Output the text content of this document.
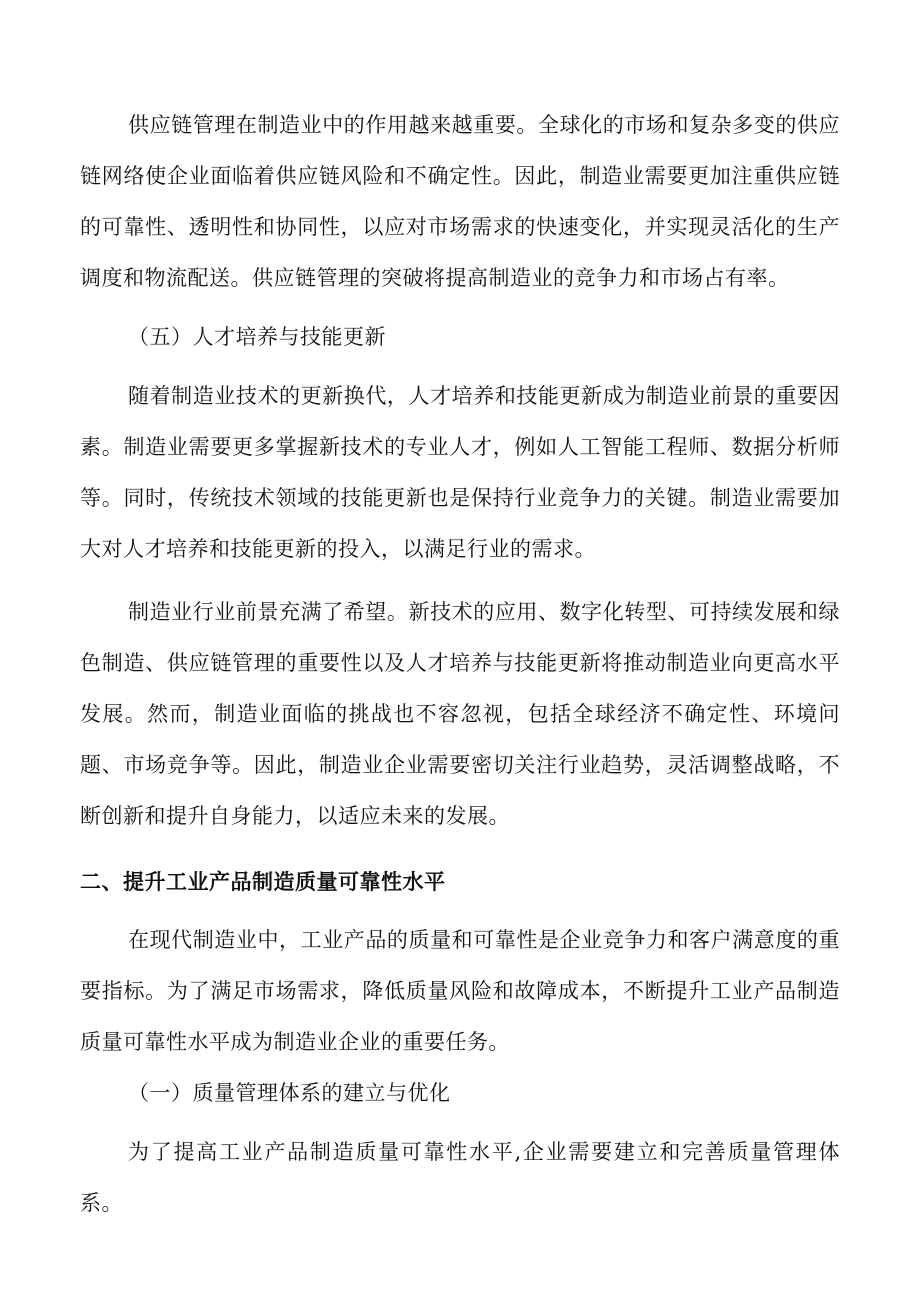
供应链管理在制造业中的作用越来越重要。全球化的市场和复杂多变的供应链网络使企业面临着供应链风险和不确定性。因此，制造业需要更加注重供应链的可靠性、透明性和协同性，以应对市场需求的快速变化，并实现灵活化的生产调度和物流配送。供应链管理的突破将提高制造业的竞争力和市场占有率。

（五）人才培养与技能更新

随着制造业技术的更新换代，人才培养和技能更新成为制造业前景的重要因素。制造业需要更多掌握新技术的专业人才，例如人工智能工程师、数据分析师等。同时，传统技术领域的技能更新也是保持行业竞争力的关键。制造业需要加大对人才培养和技能更新的投入，以满足行业的需求。

制造业行业前景充满了希望。新技术的应用、数字化转型、可持续发展和绿色制造、供应链管理的重要性以及人才培养与技能更新将推动制造业向更高水平发展。然而，制造业面临的挑战也不容忽视，包括全球经济不确定性、环境问题、市场竞争等。因此，制造业企业需要密切关注行业趋势，灵活调整战略，不断创新和提升自身能力，以适应未来的发展。

二、提升工业产品制造质量可靠性水平

在现代制造业中，工业产品的质量和可靠性是企业竞争力和客户满意度的重要指标。为了满足市场需求，降低质量风险和故障成本，不断提升工业产品制造质量可靠性水平成为制造业企业的重要任务。

（一）质量管理体系的建立与优化

为了提高工业产品制造质量可靠性水平,企业需要建立和完善质量管理体系。
